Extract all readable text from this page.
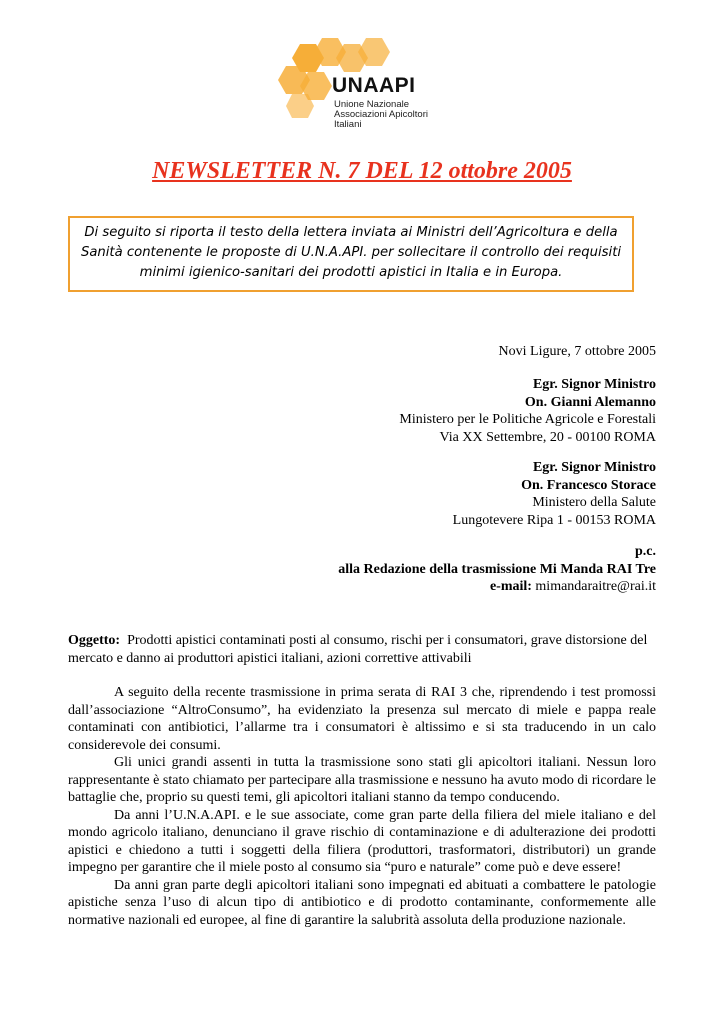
UNAAPI
Unione Nazionale
Associazioni Apicoltori Italiani
NEWSLETTER N. 7 DEL 12 ottobre 2005
Di seguito si riporta il testo della lettera inviata ai Ministri dell’Agricoltura e della Sanità contenente le proposte di U.N.A.API. per sollecitare il controllo dei requisiti minimi igienico-sanitari dei prodotti apistici in Italia e in Europa.
Novi Ligure, 7 ottobre 2005
Egr. Signor Ministro
On. Gianni Alemanno
Ministero per le Politiche Agricole e Forestali
Via XX Settembre, 20 - 00100 ROMA
Egr. Signor Ministro
On. Francesco Storace
Ministero della Salute
Lungotevere Ripa 1 - 00153 ROMA
p.c.
alla Redazione della trasmissione Mi Manda RAI Tre
e-mail: mimandaraitre@rai.it
Oggetto: Prodotti apistici contaminati posti al consumo, rischi per i consumatori, grave distorsione del mercato e danno ai produttori apistici italiani, azioni correttive attivabili

A seguito della recente trasmissione in prima serata di RAI 3 che, riprendendo i test promossi dall’associazione “AltroConsumo”, ha evidenziato la presenza sul mercato di miele e pappa reale contaminati con antibiotici, l’allarme tra i consumatori è altissimo e si sta traducendo in un calo considerevole dei consumi.

Gli unici grandi assenti in tutta la trasmissione sono stati gli apicoltori italiani. Nessun loro rappresentante è stato chiamato per partecipare alla trasmissione e nessuno ha avuto modo di ricordare le battaglie che, proprio su questi temi, gli apicoltori italiani stanno da tempo conducendo.

Da anni l’U.N.A.API. e le sue associate, come gran parte della filiera del miele italiano e del mondo agricolo italiano, denunciano il grave rischio di contaminazione e di adulterazione dei prodotti apistici e chiedono a tutti i soggetti della filiera (produttori, trasformatori, distributori) un grande impegno per garantire che il miele posto al consumo sia “puro e naturale” come può e deve essere!

Da anni gran parte degli apicoltori italiani sono impegnati ed abituati a combattere le patologie apistiche senza l’uso di alcun tipo di antibiotico e di prodotto contaminante, conformemente alle normative nazionali ed europee, al fine di garantire la salubrità assoluta della produzione nazionale.
